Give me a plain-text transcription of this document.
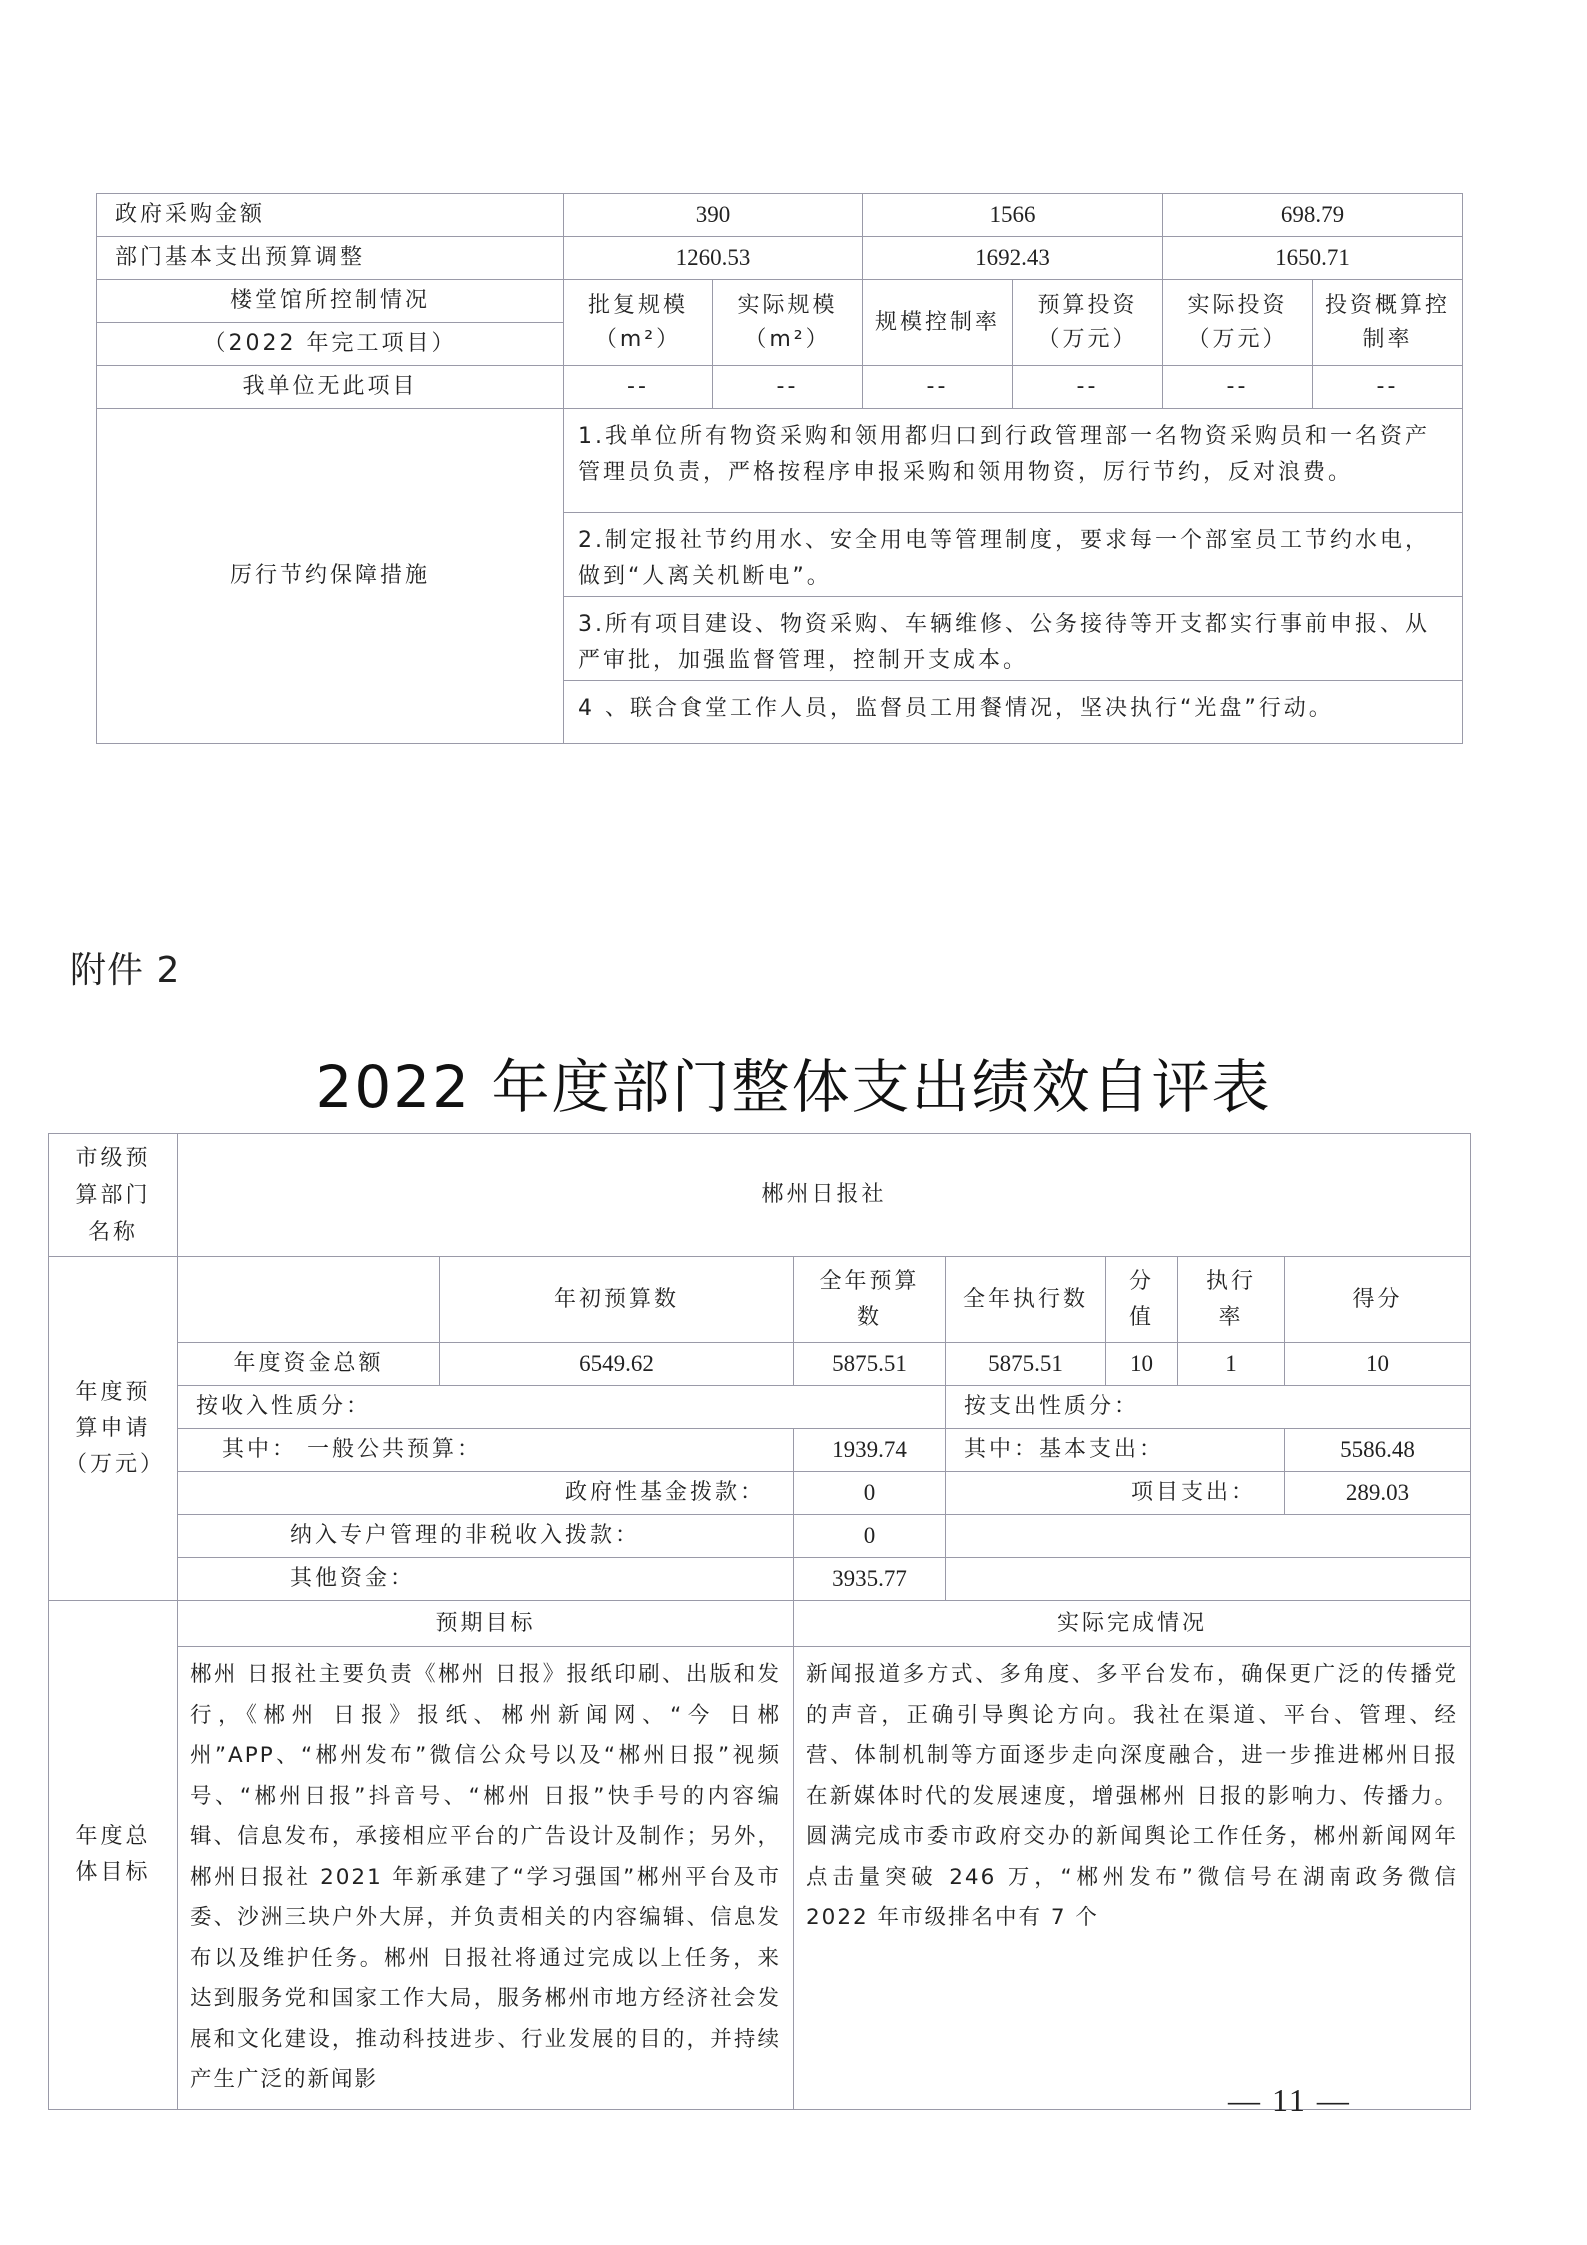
政府采购金额	390		1566		698.79	
部门基本支出预算调整	1260.53		1692.43		1650.71	
楼堂馆所控制情况	批复规模（m²）	实际规模（m²）	规模控制率	预算投资（万元）	实际投资（万元）	投资概算控制率
（2022 年完工项目）						
我单位无此项目	--	--	--	--	--	--
厉行节约保障措施	1.我单位所有物资采购和领用都归口到行政管理部一名物资采购员和一名资产管理员负责，严格按程序申报采购和领用物资，厉行节约，反对浪费。					
	2.制定报社节约用水、安全用电等管理制度，要求每一个部室员工节约水电，做到“人离关机断电”。					
	3.所有项目建设、物资采购、车辆维修、公务接待等开支都实行事前申报、从严审批，加强监督管理，控制开支成本。					
	4 、联合食堂工作人员，监督员工用餐情况，坚决执行“光盘”行动。					
附件 2
2022 年度部门整体支出绩效自评表
市级预算部门名称	郴州日报社						
年度预算申请（万元）		年初预算数	全年预算数	全年执行数	分值	执行率	得分
	年度资金总额	6549.62	5875.51	5875.51	10	1	10
	按收入性质分：			按支出性质分：			
	其中： 一般公共预算：		1939.74	其中：基本支出：			5586.48
	政府性基金拨款：		0	项目支出：			289.03
	纳入专户管理的非税收入拨款：		0				
	其他资金：		3935.77				
年度总体目标	预期目标		实际完成情况				
	郴州 日报社主要负责《郴州 日报》报纸印刷、出版和发行，《郴州 日报》报纸、郴州新闻网、“今 日郴州”APP、“郴州发布”微信公众号以及“郴州日报”视频号、“郴州日报”抖音号、“郴州 日报”快手号的内容编辑、信息发布，承接相应平台的广告设计及制作；另外，郴州日报社 2021 年新承建了“学习强国”郴州平台及市委、沙洲三块户外大屏，并负责相关的内容编辑、信息发布以及维护任务。郴州 日报社将通过完成以上任务，来达到服务党和国家工作大局，服务郴州市地方经济社会发展和文化建设，推动科技进步、行业发展的目的，并持续产生广泛的新闻影		新闻报道多方式、多角度、多平台发布，确保更广泛的传播党的声音，正确引导舆论方向。我社在渠道、平台、管理、经营、体制机制等方面逐步走向深度融合，进一步推进郴州日报在新媒体时代的发展速度，增强郴州 日报的影响力、传播力。圆满完成市委市政府交办的新闻舆论工作任务，郴州新闻网年点击量突破 246 万，“郴州发布”微信号在湖南政务微信 2022 年市级排名中有 7 个				
— 11 —
